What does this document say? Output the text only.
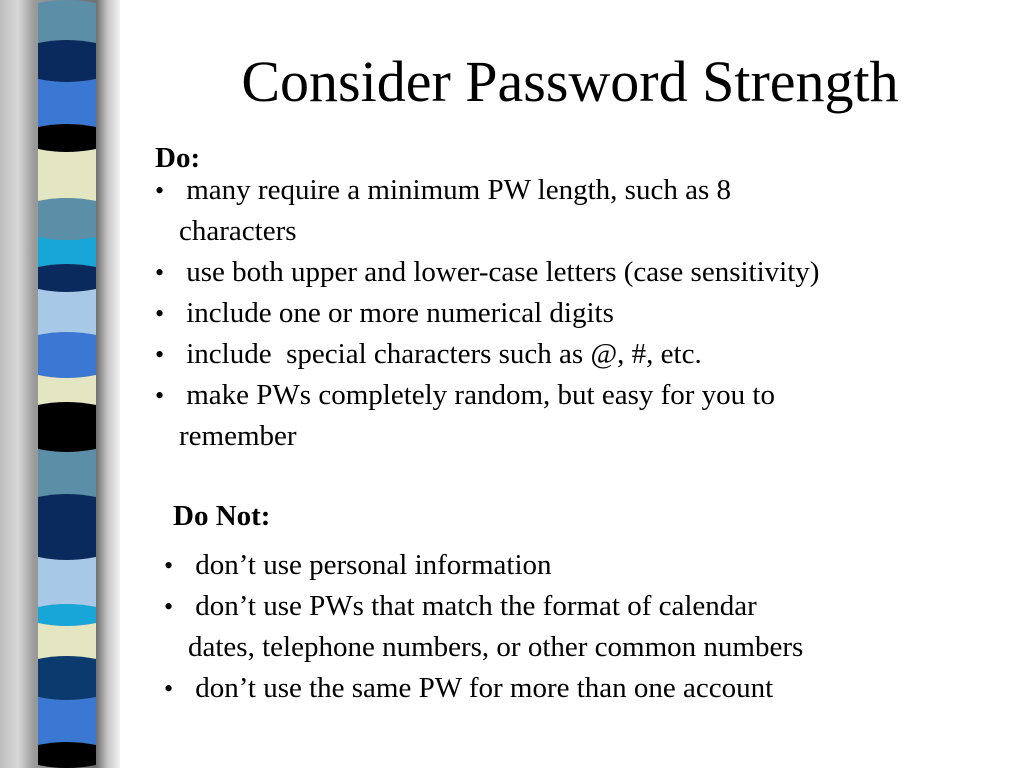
Consider Password Strength
Do:
• many require a minimum PW length, such as 8
characters
• use both upper and lower-case letters (case sensitivity)
• include one or more numerical digits
• include  special characters such as @, #, etc.
• make PWs completely random, but easy for you to
remember
Do Not:
• don’t use personal information
• don’t use PWs that match the format of calendar
dates, telephone numbers, or other common numbers
• don’t use the same PW for more than one account
